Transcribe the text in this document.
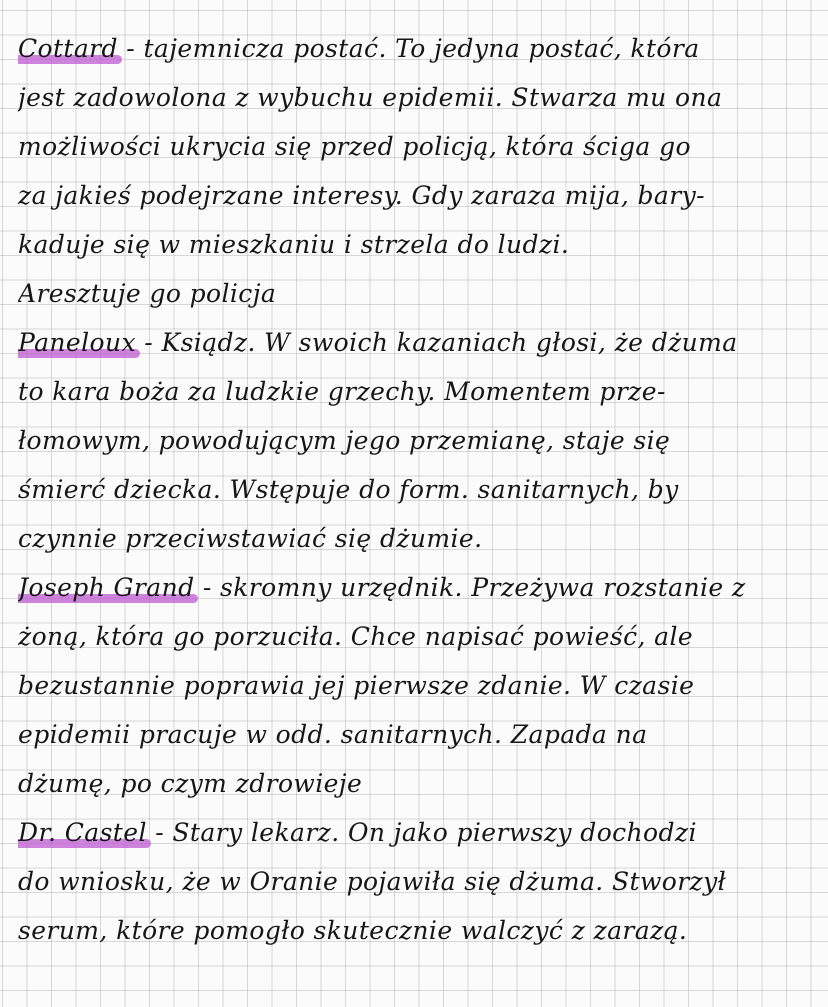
Cottard - tajemnicza postać. To jedyna postać, która
jest zadowolona z wybuchu epidemii. Stwarza mu ona
możliwości ukrycia się przed policją, która ściga go
za jakieś podejrzane interesy. Gdy zaraza mija, bary-
kaduje się w mieszkaniu i strzela do ludzi.
Aresztuje go policja
Paneloux - Ksiądz. W swoich kazaniach głosi, że dżuma
to kara boża za ludzkie grzechy. Momentem prze-
łomowym, powodującym jego przemianę, staje się
śmierć dziecka. Wstępuje do form. sanitarnych, by
czynnie przeciwstawiać się dżumie.
Joseph Grand - skromny urzędnik. Przeżywa rozstanie z
żoną, która go porzuciła. Chce napisać powieść, ale
bezustannie poprawia jej pierwsze zdanie. W czasie
epidemii pracuje w odd. sanitarnych. Zapada na
dżumę, po czym zdrowieje
Dr. Castel - Stary lekarz. On jako pierwszy dochodzi
do wniosku, że w Oranie pojawiła się dżuma. Stworzył
serum, które pomogło skutecznie walczyć z zarazą.
